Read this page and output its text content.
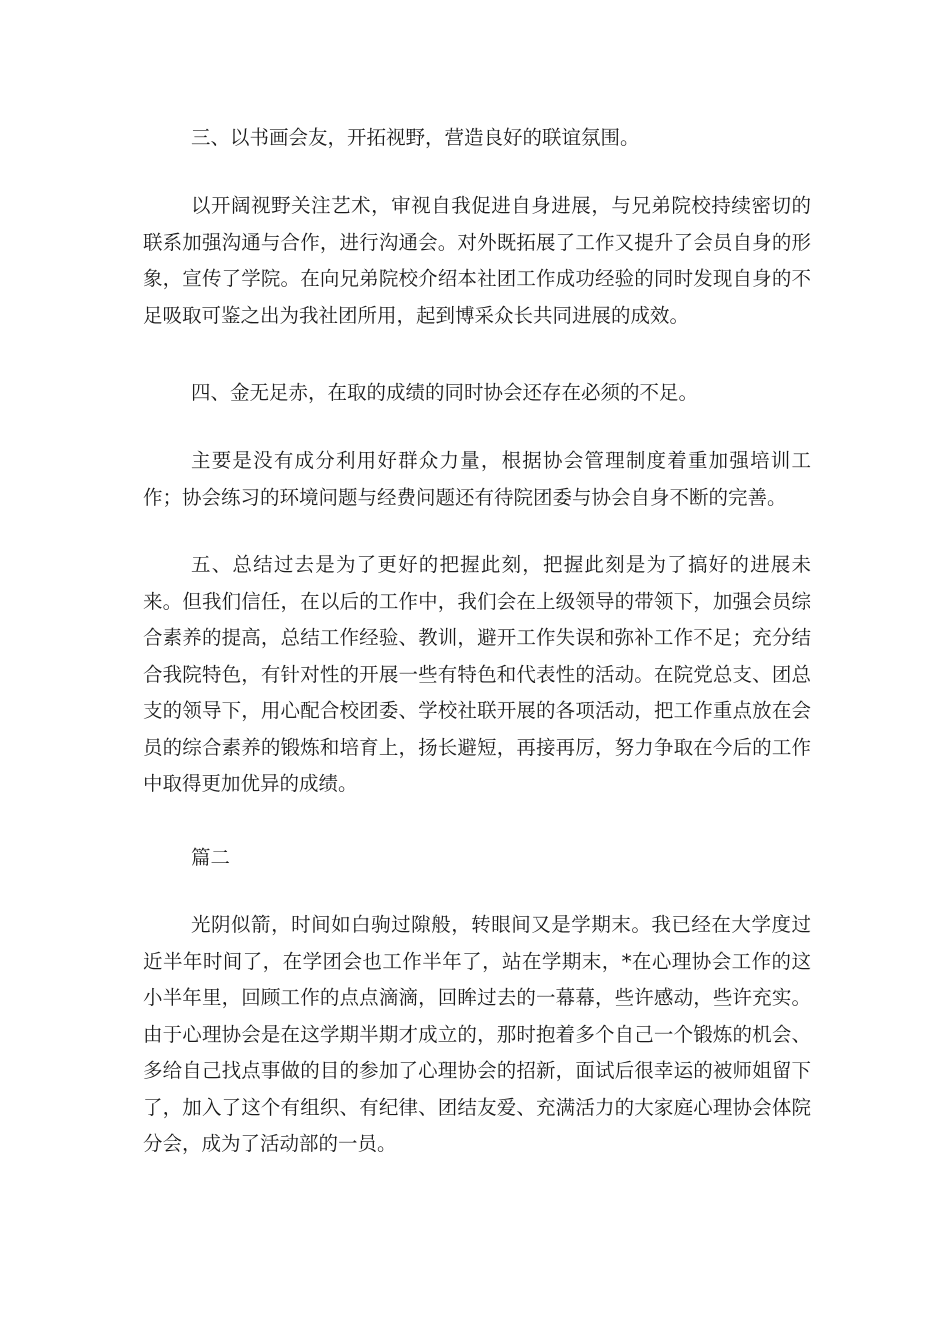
三、以书画会友，开拓视野，营造良好的联谊氛围。

以开阔视野关注艺术，审视自我促进自身进展，与兄弟院校持续密切的联系加强沟通与合作，进行沟通会。对外既拓展了工作又提升了会员自身的形象，宣传了学院。在向兄弟院校介绍本社团工作成功经验的同时发现自身的不足吸取可鉴之出为我社团所用，起到博采众长共同进展的成效。

四、金无足赤，在取的成绩的同时协会还存在必须的不足。

主要是没有成分利用好群众力量，根据协会管理制度着重加强培训工作；协会练习的环境问题与经费问题还有待院团委与协会自身不断的完善。

五、总结过去是为了更好的把握此刻，把握此刻是为了搞好的进展未来。但我们信任，在以后的工作中，我们会在上级领导的带领下，加强会员综合素养的提高，总结工作经验、教训，避开工作失误和弥补工作不足；充分结合我院特色，有针对性的开展一些有特色和代表性的活动。在院党总支、团总支的领导下，用心配合校团委、学校社联开展的各项活动，把工作重点放在会员的综合素养的锻炼和培育上，扬长避短，再接再厉，努力争取在今后的工作中取得更加优异的成绩。

篇二

光阴似箭，时间如白驹过隙般，转眼间又是学期末。我已经在大学度过近半年时间了，在学团会也工作半年了，站在学期末，*在心理协会工作的这小半年里，回顾工作的点点滴滴，回眸过去的一幕幕，些许感动，些许充实。由于心理协会是在这学期半期才成立的，那时抱着多个自己一个锻炼的机会、多给自己找点事做的目的参加了心理协会的招新，面试后很幸运的被师姐留下了，加入了这个有组织、有纪律、团结友爱、充满活力的大家庭心理协会体院分会，成为了活动部的一员。
